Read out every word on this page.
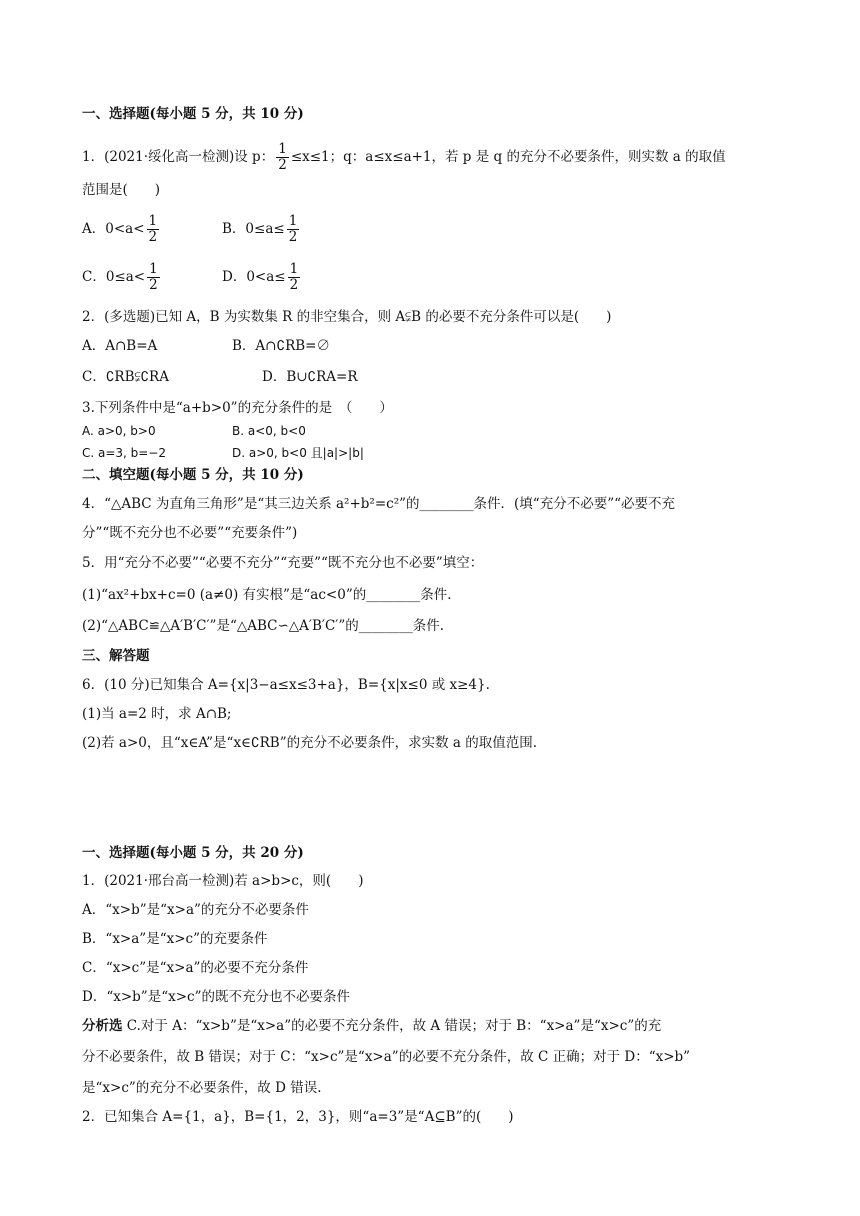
一、选择题(每小题 5 分，共 10 分)
1．(2021·绥化高一检测)设 p： $\frac{1}{2} \le x\le 1$；q：a≤x≤a+1，若 p 是 q 的充分不必要条件，则实数 a 的取值
范围是(　　)
A．$0<a< \frac{1}{2}$	B．$0\le a\le \frac{1}{2}$
C．$0\le a< \frac{1}{2}$	D．$0<a\le \frac{1}{2}$
2．(多选题)已知 A，B 为实数集 R 的非空集合，则 A⫋B 的必要不充分条件可以是(　　)
A．A∩B=A	B．A∩∁RB=∅
C．∁RB⫋∁RA	D．B∪∁RA=R
3.下列条件中是“a+b>0”的充分条件的是　（　　）
A. a>0, b>0	B. a<0, b<0
C. a=3, b=−2	D. a>0, b<0 且|a|>|b|
二、填空题(每小题 5 分，共 10 分)
4．“△ABC 为直角三角形”是“其三边关系 a²+b²=c²”的________条件．(填“充分不必要”“必要不充
分”“既不充分也不必要”“充要条件”)
5．用“充分不必要”“必要不充分”“充要”“既不充分也不必要”填空：
(1)“ax²+bx+c=0 (a≠0) 有实根”是“ac<0”的________条件.
(2)“△ABC≌△A′B′C′”是“△ABC∽△A′B′C′”的________条件.
三、解答题
6．(10 分)已知集合 A={x|3−a≤x≤3+a}，B={x|x≤0 或 x≥4}.
(1)当 a=2 时，求 A∩B;
(2)若 a>0，且“x∈A”是“x∈∁RB”的充分不必要条件，求实数 a 的取值范围.
一、选择题(每小题 5 分，共 20 分)
1．(2021·邢台高一检测)若 a>b>c，则(　　)
A．“x>b”是“x>a”的充分不必要条件
B．“x>a”是“x>c”的充要条件
C．“x>c”是“x>a”的必要不充分条件
D．“x>b”是“x>c”的既不充分也不必要条件
分析选 C.对于 A：“x>b”是“x>a”的必要不充分条件，故 A 错误；对于 B：“x>a”是“x>c”的充
分不必要条件，故 B 错误；对于 C：“x>c”是“x>a”的必要不充分条件，故 C 正确；对于 D：“x>b”
是“x>c”的充分不必要条件，故 D 错误.
2．已知集合 A={1，a}，B={1，2，3}，则“a=3”是“A⊆B”的(　　)
